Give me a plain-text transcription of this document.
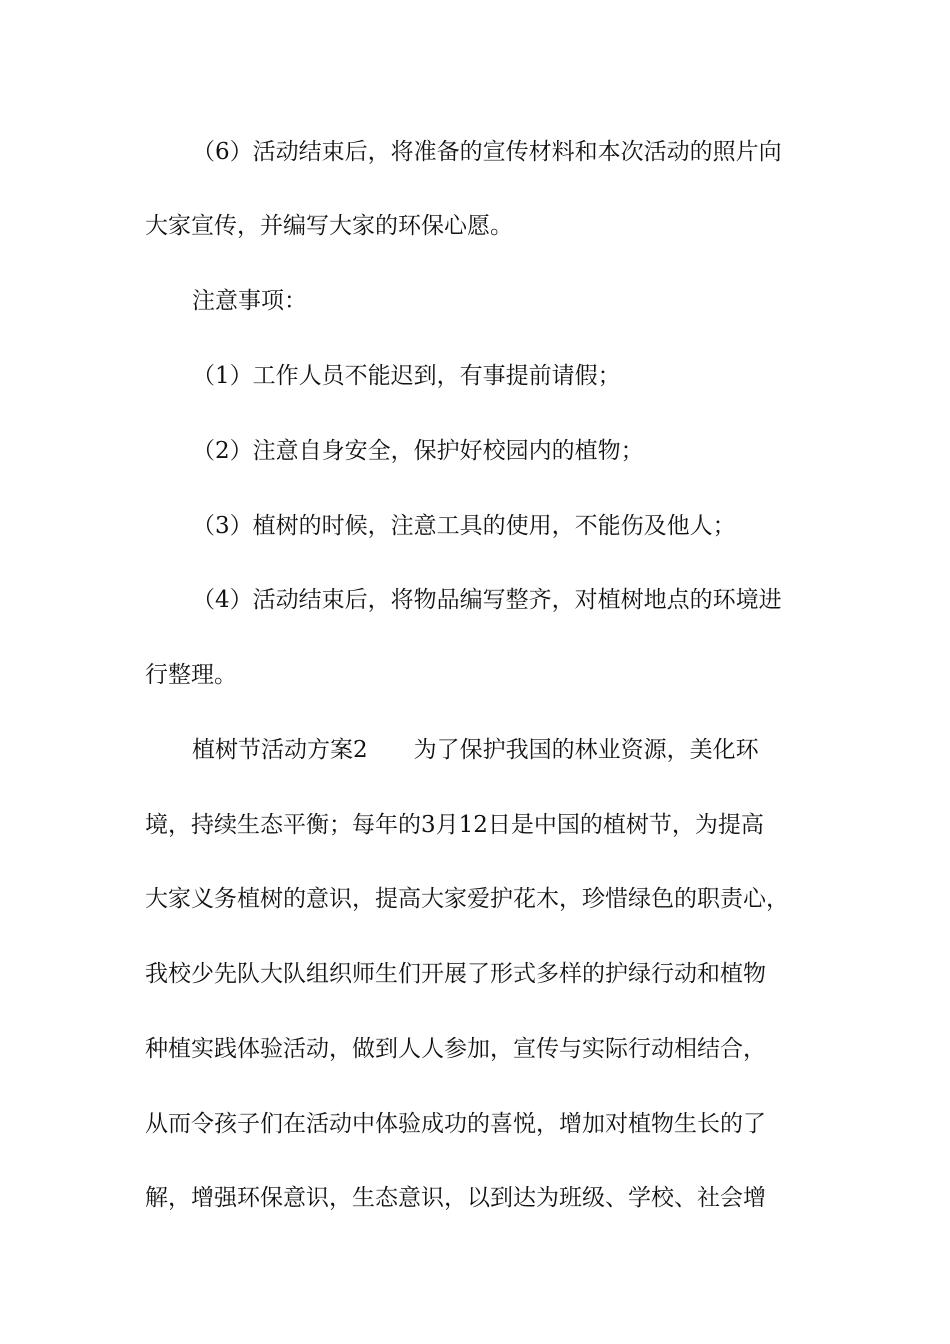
（6）活动结束后，将准备的宣传材料和本次活动的照片向
大家宣传，并编写大家的环保心愿。
注意事项：
（1）工作人员不能迟到，有事提前请假；
（2）注意自身安全，保护好校园内的植物；
（3）植树的时候，注意工具的使用，不能伤及他人；
（4）活动结束后，将物品编写整齐，对植树地点的环境进
行整理。
植树节活动方案2　　为了保护我国的林业资源，美化环
境，持续生态平衡；每年的3月12日是中国的植树节，为提高
大家义务植树的意识，提高大家爱护花木，珍惜绿色的职责心，
我校少先队大队组织师生们开展了形式多样的护绿行动和植物
种植实践体验活动，做到人人参加，宣传与实际行动相结合，
从而令孩子们在活动中体验成功的喜悦，增加对植物生长的了
解，增强环保意识，生态意识，以到达为班级、学校、社会增
